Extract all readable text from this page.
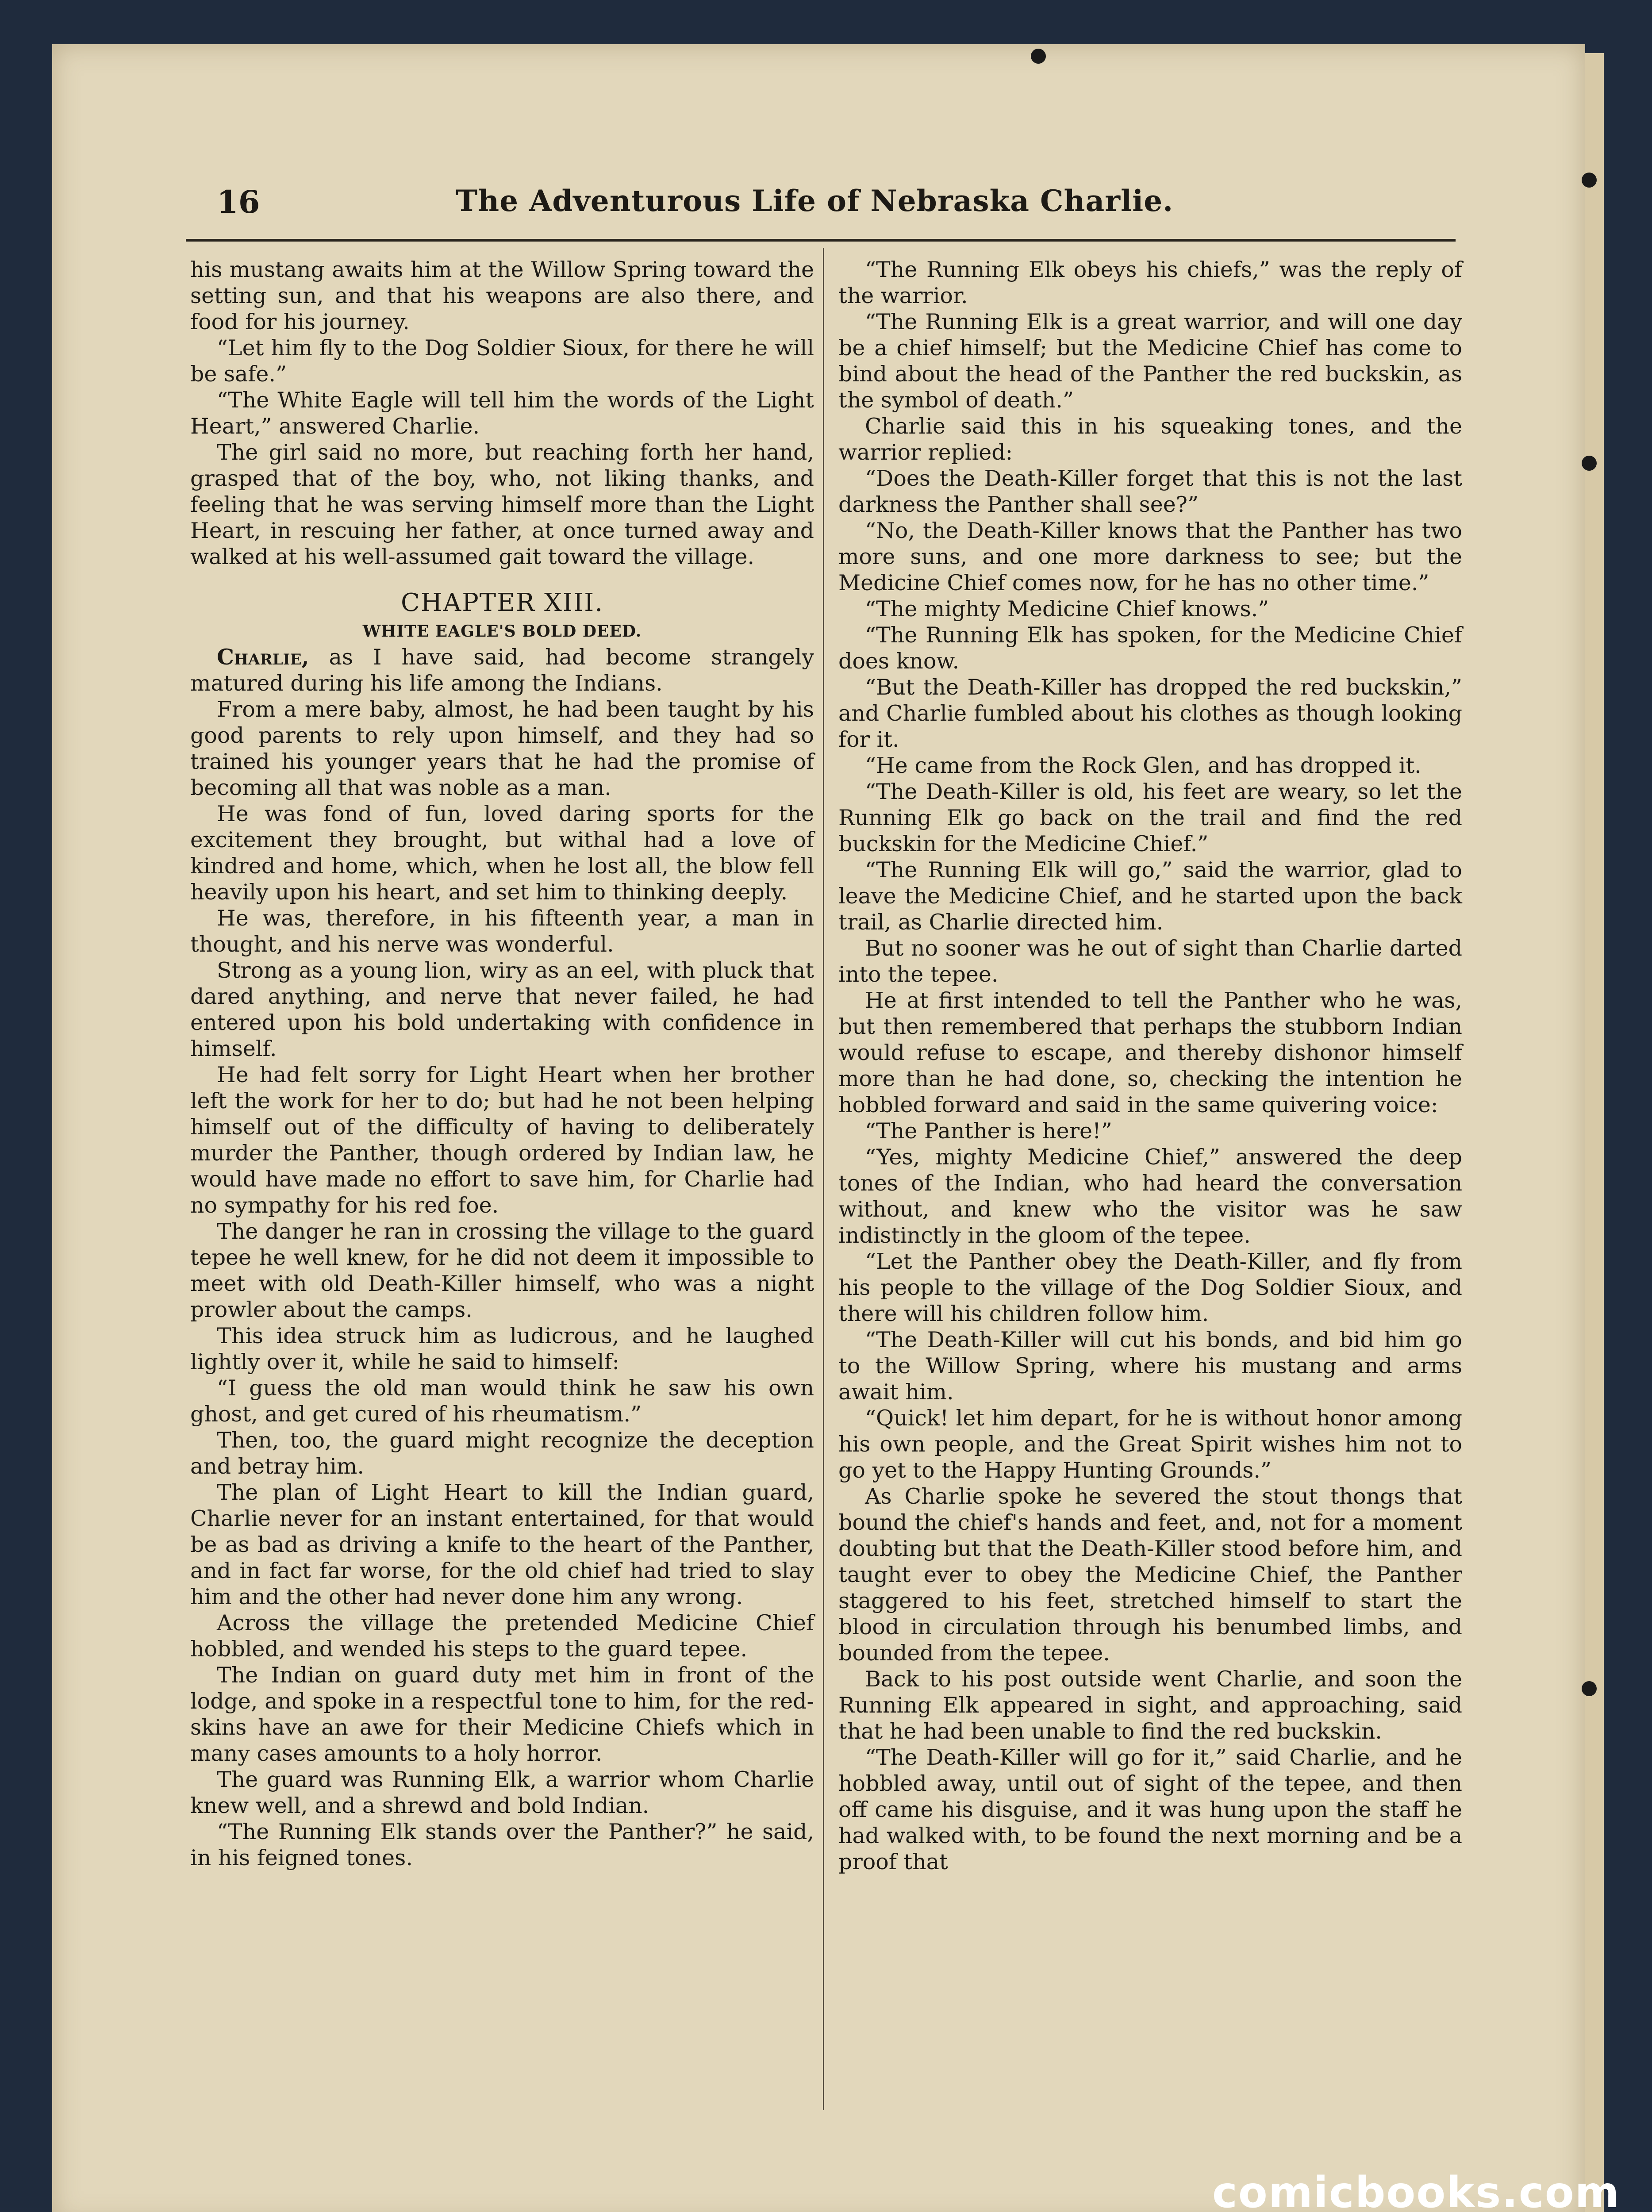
16	The Adventurous Life of Nebraska Charlie.

his mustang awaits him at the Willow Spring toward the setting sun, and that his weapons are also there, and food for his journey.

“Let him fly to the Dog Soldier Sioux, for there he will be safe.”

“The White Eagle will tell him the words of the Light Heart,” answered Charlie.

The girl said no more, but reaching forth her hand, grasped that of the boy, who, not liking thanks, and feeling that he was serving himself more than the Light Heart, in rescuing her father, at once turned away and walked at his well-assumed gait toward the village.

CHAPTER XIII.
WHITE EAGLE'S BOLD DEED.

Charlie, as I have said, had become strangely matured during his life among the Indians.

From a mere baby, almost, he had been taught by his good parents to rely upon himself, and they had so trained his younger years that he had the promise of becoming all that was noble as a man.

He was fond of fun, loved daring sports for the excitement they brought, but withal had a love of kindred and home, which, when he lost all, the blow fell heavily upon his heart, and set him to thinking deeply.

He was, therefore, in his fifteenth year, a man in thought, and his nerve was wonderful.

Strong as a young lion, wiry as an eel, with pluck that dared anything, and nerve that never failed, he had entered upon his bold undertaking with confidence in himself.

He had felt sorry for Light Heart when her brother left the work for her to do; but had he not been helping himself out of the difficulty of having to deliberately murder the Panther, though ordered by Indian law, he would have made no effort to save him, for Charlie had no sympathy for his red foe.

The danger he ran in crossing the village to the guard tepee he well knew, for he did not deem it impossible to meet with old Death-Killer himself, who was a night prowler about the camps.

This idea struck him as ludicrous, and he laughed lightly over it, while he said to himself:

“I guess the old man would think he saw his own ghost, and get cured of his rheumatism.”

Then, too, the guard might recognize the deception and betray him.

The plan of Light Heart to kill the Indian guard, Charlie never for an instant entertained, for that would be as bad as driving a knife to the heart of the Panther, and in fact far worse, for the old chief had tried to slay him and the other had never done him any wrong.

Across the village the pretended Medicine Chief hobbled, and wended his steps to the guard tepee.

The Indian on guard duty met him in front of the lodge, and spoke in a respectful tone to him, for the red-skins have an awe for their Medicine Chiefs which in many cases amounts to a holy horror.

The guard was Running Elk, a warrior whom Charlie knew well, and a shrewd and bold Indian.

“The Running Elk stands over the Panther?” he said, in his feigned tones.

“The Running Elk obeys his chiefs,” was the reply of the warrior.

“The Running Elk is a great warrior, and will one day be a chief himself; but the Medicine Chief has come to bind about the head of the Panther the red buckskin, as the symbol of death.”

Charlie said this in his squeaking tones, and the warrior replied:

“Does the Death-Killer forget that this is not the last darkness the Panther shall see?”

“No, the Death-Killer knows that the Panther has two more suns, and one more darkness to see; but the Medicine Chief comes now, for he has no other time.”

“The mighty Medicine Chief knows.”

“The Running Elk has spoken, for the Medicine Chief does know.

“But the Death-Killer has dropped the red buckskin,” and Charlie fumbled about his clothes as though looking for it.

“He came from the Rock Glen, and has dropped it.

“The Death-Killer is old, his feet are weary, so let the Running Elk go back on the trail and find the red buckskin for the Medicine Chief.”

“The Running Elk will go,” said the warrior, glad to leave the Medicine Chief, and he started upon the back trail, as Charlie directed him.

But no sooner was he out of sight than Charlie darted into the tepee.

He at first intended to tell the Panther who he was, but then remembered that perhaps the stubborn Indian would refuse to escape, and thereby dishonor himself more than he had done, so, checking the intention he hobbled forward and said in the same quivering voice:

“The Panther is here!”

“Yes, mighty Medicine Chief,” answered the deep tones of the Indian, who had heard the conversation without, and knew who the visitor was he saw indistinctly in the gloom of the tepee.

“Let the Panther obey the Death-Killer, and fly from his people to the village of the Dog Soldier Sioux, and there will his children follow him.

“The Death-Killer will cut his bonds, and bid him go to the Willow Spring, where his mustang and arms await him.

“Quick! let him depart, for he is without honor among his own people, and the Great Spirit wishes him not to go yet to the Happy Hunting Grounds.”

As Charlie spoke he severed the stout thongs that bound the chief's hands and feet, and, not for a moment doubting but that the Death-Killer stood before him, and taught ever to obey the Medicine Chief, the Panther staggered to his feet, stretched himself to start the blood in circulation through his benumbed limbs, and bounded from the tepee.

Back to his post outside went Charlie, and soon the Running Elk appeared in sight, and approaching, said that he had been unable to find the red buckskin.

“The Death-Killer will go for it,” said Charlie, and he hobbled away, until out of sight of the tepee, and then off came his disguise, and it was hung upon the staff he had walked with, to be found the next morning and be a proof that

comicbooks.com
